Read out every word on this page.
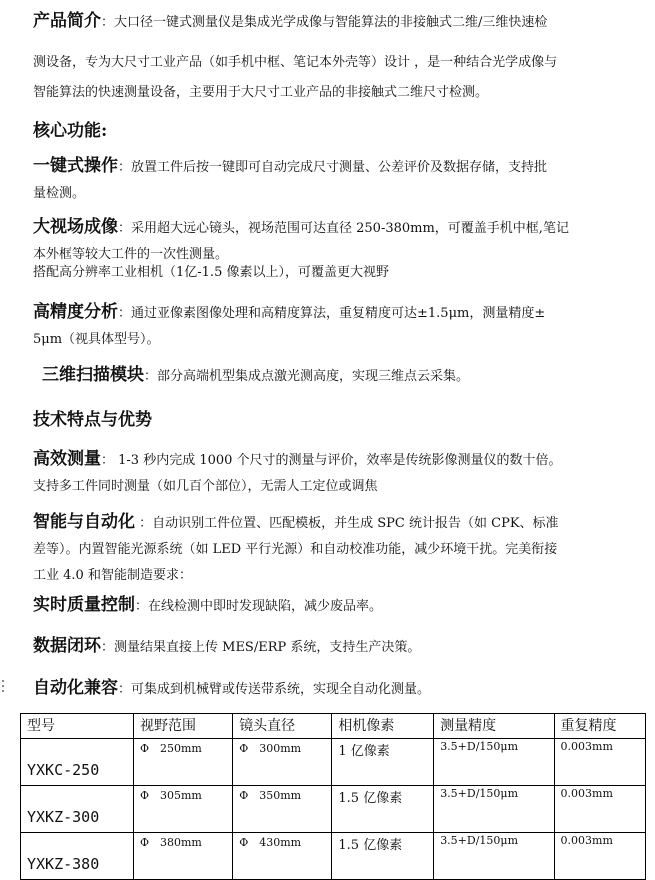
产品简介：大口径一键式测量仪是集成光学成像与智能算法的非接触式二维/三维快速检

测设备，专为大尺寸工业产品（如手机中框、笔记本外壳等）设计 ，是一种结合光学成像与

智能算法的快速测量设备，主要用于大尺寸工业产品的非接触式二维尺寸检测。

核心功能:

一键式操作：放置工件后按一键即可自动完成尺寸测量、公差评价及数据存储，支持批
量检测。

大视场成像：采用超大远心镜头，视场范围可达直径 250-380mm，可覆盖手机中框,笔记
本外框等较大工件的一次性测量。

搭配高分辨率工业相机（1亿-1.5 像素以上），可覆盖更大视野

高精度分析：通过亚像素图像处理和高精度算法，重复精度可达±1.5μm，测量精度±
5μm（视具体型号）。

三维扫描模块：部分高端机型集成点激光测高度，实现三维点云采集。

技术特点与优势

高效测量： 1-3 秒内完成 1000 个尺寸的测量与评价，效率是传统影像测量仪的数十倍。
支持多工件同时测量（如几百个部位），无需人工定位或调焦

智能与自动化 ：自动识别工件位置、匹配模板，并生成 SPC 统计报告（如 CPK、标准
差等）。内置智能光源系统（如 LED 平行光源）和自动校准功能，减少环境干扰。完美衔接
工业 4.0 和智能制造要求：

实时质量控制：在线检测中即时发现缺陷，减少废品率。

数据闭环：测量结果直接上传 MES/ERP 系统，支持生产决策。

自动化兼容：可集成到机械臂或传送带系统，实现全自动化测量。

型号	视野范围	镜头直径	相机像素	测量精度	重复精度
YXKC-250	Φ　250mm	Φ　300mm	1 亿像素	3.5+D/150μm	0.003mm
YXKZ-300	Φ　305mm	Φ　350mm	1.5 亿像素	3.5+D/150μm	0.003mm
YXKZ-380	Φ　380mm	Φ　430mm	1.5 亿像素	3.5+D/150μm	0.003mm
